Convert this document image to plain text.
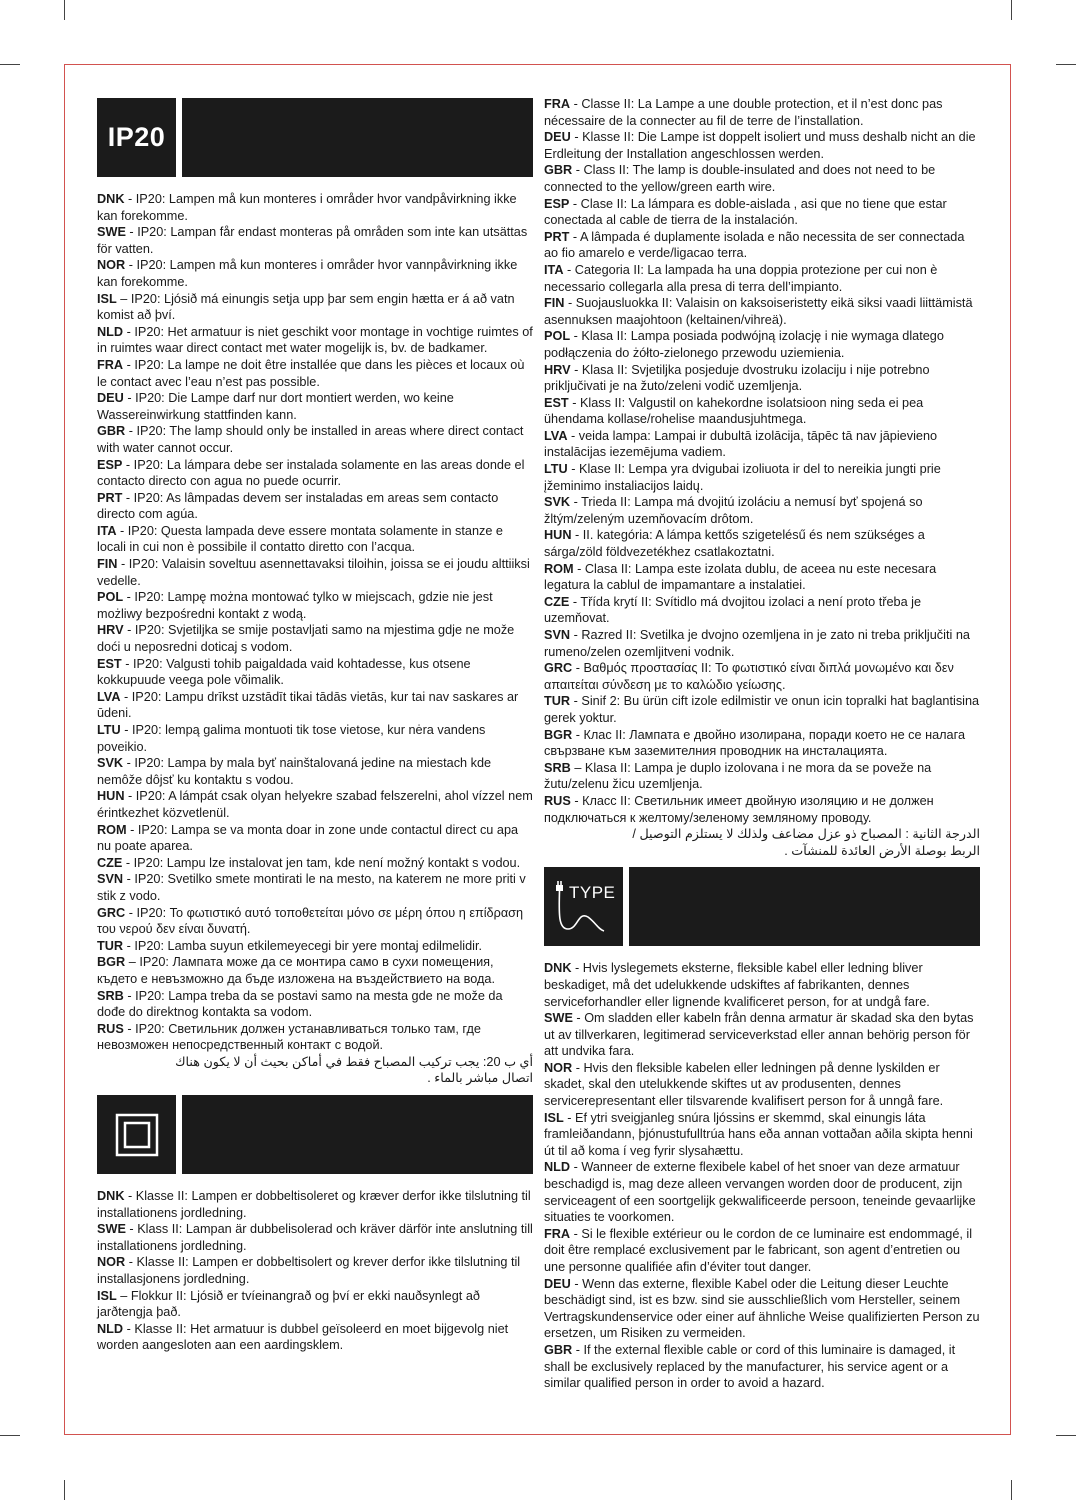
IP20

DNK - IP20: Lampen må kun monteres i områder hvor vandpåvirkning ikke kan forekomme.

SWE - IP20: Lampan får endast monteras på områden som inte kan utsättas för vatten.

NOR - IP20: Lampen må kun monteres i områder hvor vannpåvirkning ikke kan forekomme.

ISL – IP20: Ljósið má einungis setja upp þar sem engin hætta er á að vatn komist að því.

NLD - IP20: Het armatuur is niet geschikt voor montage in vochtige ruimtes of in ruimtes waar direct contact met water mogelijk is, bv. de badkamer.

FRA - IP20: La lampe ne doit être installée que dans les pièces et locaux où le contact avec l’eau n’est pas possible.

DEU - IP20: Die Lampe darf nur dort montiert werden, wo keine Wassereinwirkung stattfinden kann.

GBR - IP20: The lamp should only be installed in areas where direct contact with water cannot occur.

ESP - IP20: La lámpara debe ser instalada solamente en las areas donde el contacto directo con agua no puede ocurrir.

PRT - IP20: As lâmpadas devem ser instaladas em areas sem contacto directo com agúa.

ITA - IP20: Questa lampada deve essere montata solamente in stanze e locali in cui non è possibile il contatto diretto con l’acqua.

FIN - IP20: Valaisin soveltuu asennettavaksi tiloihin, joissa se ei joudu alttiiksi vedelle.

POL - IP20: Lampę można montować tylko w miejscach, gdzie nie jest możliwy bezpośredni kontakt z wodą.

HRV - IP20: Svjetiljka se smije postavljati samo na mjestima gdje ne može doći u neposredni doticaj s vodom.

EST - IP20: Valgusti tohib paigaldada vaid kohtadesse, kus otsene kokkupuude veega pole võimalik.

LVA - IP20: Lampu drīkst uzstādīt tikai tādās vietās, kur tai nav saskares ar ūdeni.

LTU - IP20: lempą galima montuoti tik tose vietose, kur nėra vandens poveikio.

SVK - IP20: Lampa by mala byť nainštalovaná jedine na miestach kde nemôže dôjsť ku kontaktu s vodou.

HUN - IP20: A lámpát csak olyan helyekre szabad felszerelni, ahol vízzel nem érintkezhet közvetlenül.

ROM - IP20: Lampa se va monta doar in zone unde contactul direct cu apa nu poate aparea.

CZE - IP20: Lampu lze instalovat jen tam, kde není možný kontakt s vodou.

SVN - IP20: Svetilko smete montirati le na mesto, na katerem ne more priti v stik z vodo.

GRC - IP20: Το φωτιστικό αυτό τοποθετείται μόνο σε μέρη όπου η επίδραση του νερού δεν είναι δυνατή.

TUR - IP20: Lamba suyun etkilemeyecegi bir yere montaj edilmelidir.

BGR – IP20: Лампата може да се монтира само в сухи помещения, където е невъзможно да бъде изложена на въздействието на вода.

SRB - IP20: Lampa treba da se postavi samo na mesta gde ne može da dođe do direktnog kontakta sa vodom.

RUS - IP20: Светильник должен устанавливаться только там, где невозможен непосредственный контакт с водой.

أي ب 20: يجب تركيب المصباح فقط في أماكن بحيث أن لا يكون هناك

اتصال مباشر بالماء .

DNK - Klasse II: Lampen er dobbeltisoleret og kræver derfor ikke tilslutning til installationens jordledning.

SWE - Klass II: Lampan är dubbelisolerad och kräver därför inte anslutning till installationens jordledning.

NOR - Klasse II: Lampen er dobbeltisolert og krever derfor ikke tilslutning til installasjonens jordledning.

ISL – Flokkur II: Ljósið er tvíeinangrað og því er ekki nauðsynlegt að jarðtengja það.

NLD - Klasse II: Het armatuur is dubbel geïsoleerd en moet bijgevolg niet worden aangesloten aan een aardingsklem.

FRA - Classe II: La Lampe a une double protection, et il n’est donc pas nécessaire de la connecter au fil de terre de l’installation.

DEU - Klasse II: Die Lampe ist doppelt isoliert und muss deshalb nicht an die Erdleitung der Installation angeschlossen werden.

GBR - Class II: The lamp is double-insulated and does not need to be connected to the yellow/green earth wire.

ESP - Clase II: La lámpara es doble-aislada , asi que no tiene que estar conectada al cable de tierra de la instalación.

PRT - A lâmpada é duplamente isolada e não necessita de ser connectada ao fio amarelo e verde/ligacao terra.

ITA - Categoria II: La lampada ha una doppia protezione per cui non è necessario collegarla alla presa di terra dell’impianto.

FIN - Suojausluokka II: Valaisin on kaksoiseristetty eikä siksi vaadi liittämistä asennuksen maajohtoon (keltainen/vihreä).

POL - Klasa II: Lampa posiada podwójną izolację i nie wymaga dlatego podłączenia do żółto-zielonego przewodu uziemienia.

HRV - Klasa II: Svjetiljka posjeduje dvostruku izolaciju i nije potrebno priključivati je na žuto/zeleni vodič uzemljenja.

EST - Klass II: Valgustil on kahekordne isolatsioon ning seda ei pea ühendama kollase/rohelise maandusjuhtmega.

LVA - veida lampa: Lampai ir dubultā izolācija, tāpēc tā nav jāpievieno instalācijas iezemējuma vadiem.

LTU - Klase II: Lempa yra dvigubai izoliuota ir del to nereikia jungti prie įžeminimo instaliacijos laidų.

SVK - Trieda II: Lampa má dvojitú izoláciu a nemusí byť spojená so žltým/zeleným uzemňovacím drôtom.

HUN - II. kategória: A lámpa kettős szigetelésű és nem szükséges a sárga/zöld földvezetékhez csatlakoztatni.

ROM - Clasa II: Lampa este izolata dublu, de aceea nu este necesara legatura la cablul de impamantare a instalatiei.

CZE - Třída krytí II: Svítidlo má dvojitou izolaci a není proto třeba je uzemňovat.

SVN - Razred II: Svetilka je dvojno ozemljena in je zato ni treba priključiti na rumeno/zelen ozemljitveni vodnik.

GRC - Βαθμός προστασίας II: Το φωτιστικό είναι διπλά μονωμένο και δεν απαιτείται σύνδεση με το καλώδιο γείωσης.

TUR - Sinif 2: Bu ürün cift izole edilmistir ve onun icin topralki hat baglantisina gerek yoktur.

BGR - Клас II: Лампата е двойно изолирана, поради което не се налага свързване към заземителния проводник на инсталацията.

SRB – Klasa II: Lampa je duplo izolovana i ne mora da se poveže na žutu/zelenu žicu uzemljenja.

RUS - Класс II: Светильник имеет двойную изоляцию и не должен подключаться к желтому/зеленому земляному проводу.

الدرجة الثانية : المصباح ذو عزل مضاعف ولذلك لا يستلزم التوصيل /

الربط بوصلة الأرض العائدة للمنشآت .

TYPE

DNK - Hvis lyslegemets eksterne, fleksible kabel eller ledning bliver beskadiget, må det udelukkende udskiftes af fabrikanten, dennes serviceforhandler eller lignende kvalificeret person, for at undgå fare.

SWE - Om sladden eller kabeln från denna armatur är skadad ska den bytas ut av tillverkaren, legitimerad serviceverkstad eller annan behörig person för att undvika fara.

NOR - Hvis den fleksible kabelen eller ledningen på denne lyskilden er skadet, skal den utelukkende skiftes ut av produsenten, dennes servicerepresentant eller tilsvarende kvalifisert person for å unngå fare.

ISL - Ef ytri sveigjanleg snúra ljóssins er skemmd, skal einungis láta framleiðandann, þjónustufulltrúa hans eða annan vottaðan aðila skipta henni út til að koma í veg fyrir slysahættu.

NLD - Wanneer de externe flexibele kabel of het snoer van deze armatuur beschadigd is, mag deze alleen vervangen worden door de producent, zijn serviceagent of een soortgelijk gekwalificeerde persoon, teneinde gevaarlijke situaties te voorkomen.

FRA - Si le flexible extérieur ou le cordon de ce luminaire est endommagé, il doit être remplacé exclusivement par le fabricant, son agent d’entretien ou une personne qualifiée afin d’éviter tout danger.

DEU - Wenn das externe, flexible Kabel oder die Leitung dieser Leuchte beschädigt sind, ist es bzw. sind sie ausschließlich vom Hersteller, seinem Vertragskundenservice oder einer auf ähnliche Weise qualifizierten Person zu ersetzen, um Risiken zu vermeiden.

GBR - If the external flexible cable or cord of this luminaire is damaged, it shall be exclusively replaced by the manufacturer, his service agent or a similar qualified person in order to avoid a hazard.
